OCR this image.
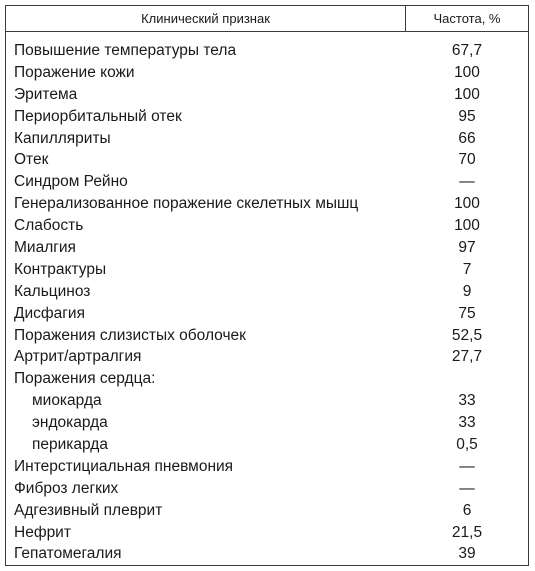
Клинический признак	Частота, %
Повышение температуры тела	67,7
Поражение кожи	100
Эритема	100
Периорбитальный отек	95
Капилляриты	66
Отек	70
Синдром Рейно	—
Генерализованное поражение скелетных мышц	100
Слабость	100
Миалгия	97
Контрактуры	7
Кальциноз	9
Дисфагия	75
Поражения слизистых оболочек	52,5
Артрит/артралгия	27,7
Поражения сердца:
миокарда	33
эндокарда	33
перикарда	0,5
Интерстициальная пневмония	—
Фиброз легких	—
Адгезивный плеврит	6
Нефрит	21,5
Гепатомегалия	39
